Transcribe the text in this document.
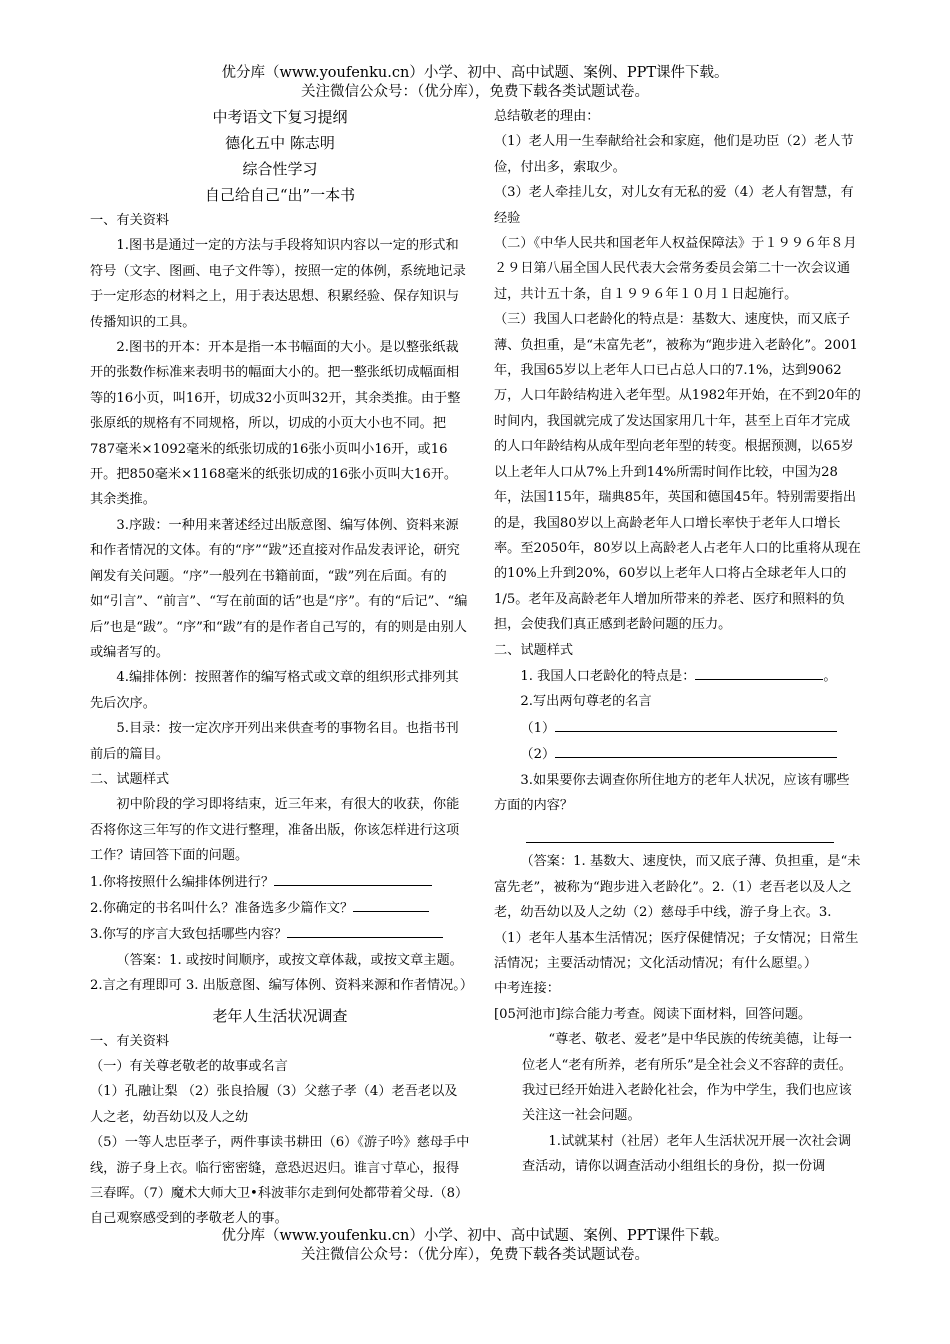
优分库（www.youfenku.cn）小学、初中、高中试题、案例、PPT课件下载。
关注微信公众号：（优分库），免费下载各类试题试卷。

中考语文下复习提纲

德化五中 陈志明

综合性学习

自己给自己“出”一本书

一、有关资料

1.图书是通过一定的方法与手段将知识内容以一定的形式和符号（文字、图画、电子文件等），按照一定的体例，系统地记录于一定形态的材料之上，用于表达思想、积累经验、保存知识与传播知识的工具。

2.图书的开本：开本是指一本书幅面的大小。是以整张纸裁开的张数作标准来表明书的幅面大小的。把一整张纸切成幅面相等的16小页，叫16开，切成32小页叫32开，其余类推。由于整张原纸的规格有不同规格，所以，切成的小页大小也不同。把787毫米×1092毫米的纸张切成的16张小页叫小16开，或16开。把850毫米×1168毫米的纸张切成的16张小页叫大16开。其余类推。

3.序跋：一种用来著述经过出版意图、编写体例、资料来源和作者情况的文体。有的“序”“跋”还直接对作品发表评论，研究阐发有关问题。“序”一般列在书籍前面，“跋”列在后面。有的如“引言”、“前言”、“写在前面的话”也是“序”。有的“后记”、“编后”也是“跋”。“序”和“跋”有的是作者自己写的，有的则是由别人或编者写的。

4.编排体例：按照著作的编写格式或文章的组织形式排列其先后次序。

5.目录：按一定次序开列出来供查考的事物名目。也指书刊前后的篇目。

二、试题样式

初中阶段的学习即将结束，近三年来，有很大的收获，你能否将你这三年写的作文进行整理，准备出版，你该怎样进行这项工作？请回答下面的问题。

1.你将按照什么编排体例进行？

2.你确定的书名叫什么？准备选多少篇作文？

3.你写的序言大致包括哪些内容？

（答案：1. 或按时间顺序，或按文章体裁，或按文章主题。2.言之有理即可 3. 出版意图、编写体例、资料来源和作者情况。）

老年人生活状况调查

一、有关资料

（一）有关尊老敬老的故事或名言

（1）孔融让梨 （2）张良拾履（3）父慈子孝（4）老吾老以及人之老，幼吾幼以及人之幼

（5）一等人忠臣孝子，两件事读书耕田（6）《游子吟》慈母手中线，游子身上衣。临行密密缝，意恐迟迟归。谁言寸草心，报得三春晖。（7）魔术大师大卫•科波菲尔走到何处都带着父母.（8）自己观察感受到的孝敬老人的事。

总结敬老的理由：

（1）老人用一生奉献给社会和家庭，他们是功臣（2）老人节俭，付出多，索取少。

（3）老人牵挂儿女，对儿女有无私的爱（4）老人有智慧，有经验

（二）《中华人民共和国老年人权益保障法》于１９９６年８月２９日第八届全国人民代表大会常务委员会第二十一次会议通过，共计五十条，自１９９６年１０月１日起施行。

（三）我国人口老龄化的特点是：基数大、速度快，而又底子薄、负担重，是“未富先老”，被称为“跑步进入老龄化”。2001年，我国65岁以上老年人口已占总人口的7.1%，达到9062万，人口年龄结构进入老年型。从1982年开始，在不到20年的时间内，我国就完成了发达国家用几十年，甚至上百年才完成的人口年龄结构从成年型向老年型的转变。根据预测，以65岁以上老年人口从7%上升到14%所需时间作比较，中国为28年，法国115年，瑞典85年，英国和德国45年。特别需要指出的是，我国80岁以上高龄老年人口增长率快于老年人口增长率。至2050年，80岁以上高龄老人占老年人口的比重将从现在的10%上升到20%，60岁以上老年人口将占全球老年人口的1/5。老年及高龄老年人增加所带来的养老、医疗和照料的负担，会使我们真正感到老龄问题的压力。

二、试题样式

1. 我国人口老龄化的特点是：	。

2.写出两句尊老的名言

（1）

（2）

3.如果要你去调查你所住地方的老年人状况，应该有哪些方面的内容？

（答案：1. 基数大、速度快，而又底子薄、负担重，是“未富先老”，被称为“跑步进入老龄化”。2.（1）老吾老以及人之老，幼吾幼以及人之幼（2）慈母手中线，游子身上衣。3. （1）老年人基本生活情况；医疗保健情况；子女情况；日常生活情况；主要活动情况；文化活动情况；有什么愿望。）

中考连接：

[05河池市]综合能力考查。阅读下面材料，回答问题。

“尊老、敬老、爱老”是中华民族的传统美德，让每一位老人“老有所养，老有所乐”是全社会义不容辞的责任。我过已经开始进入老龄化社会，作为中学生，我们也应该关注这一社会问题。

1.试就某村（社居）老年人生活状况开展一次社会调查活动，请你以调查活动小组组长的身份，拟一份调

优分库（www.youfenku.cn）小学、初中、高中试题、案例、PPT课件下载。
关注微信公众号：（优分库），免费下载各类试题试卷。
